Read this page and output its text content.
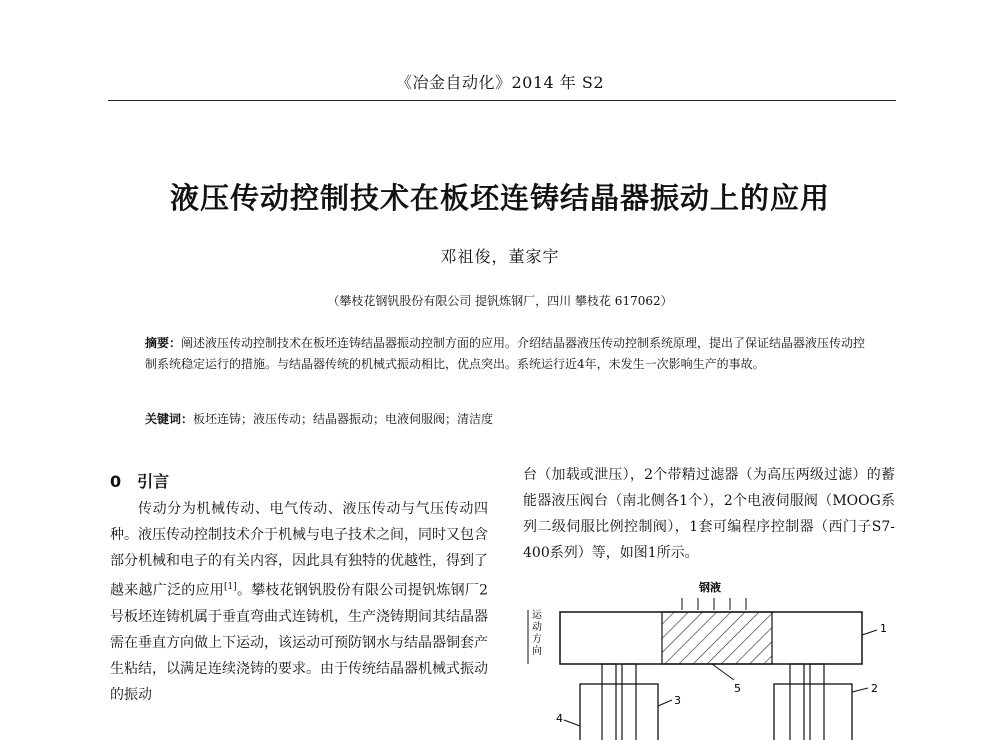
《冶金自动化》2014 年 S2
液压传动控制技术在板坯连铸结晶器振动上的应用
邓祖俊，董家宇
（攀枝花钢钒股份有限公司 提钒炼钢厂，四川 攀枝花 617062）

摘要：阐述液压传动控制技术在板坯连铸结晶器振动控制方面的应用。介绍结晶器液压传动控制系统原理，提出了保证结晶器液压传动控制系统稳定运行的措施。与结晶器传统的机械式振动相比，优点突出。系统运行近4年，未发生一次影响生产的事故。

关键词：板坯连铸；液压传动；结晶器振动；电液伺服阀；清洁度
0 引言

传动分为机械传动、电气传动、液压传动与气压传动四种。液压传动控制技术介于机械与电子技术之间，同时又包含部分机械和电子的有关内容，因此具有独特的优越性，得到了越来越广泛的应用[1]。攀枝花钢钒股份有限公司提钒炼钢厂2号板坯连铸机属于垂直弯曲式连铸机，生产浇铸期间其结晶器需在垂直方向做上下运动，该运动可预防钢水与结晶器铜套产生粘结，以满足连续浇铸的要求。由于传统结晶器机械式振动的振动

台（加载或泄压），2个带精过滤器（为高压两级过滤）的蓄能器液压阀台（南北侧各1个），2个电液伺服阀（MOOG系列二级伺服比例控制阀），1套可编程序控制器（西门子S7-400系列）等，如图1所示。

钢液
运动方向
1
5
3
4
2
